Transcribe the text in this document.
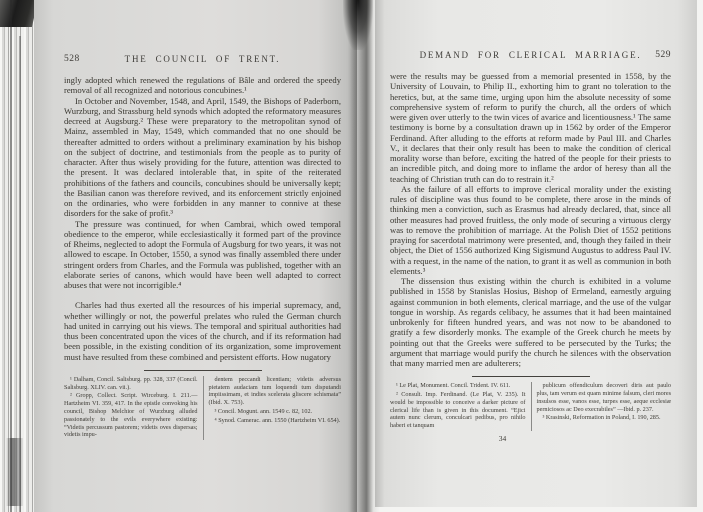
528	THE COUNCIL OF TRENT.

ingly adopted which renewed the regulations of Bâle and ordered the speedy removal of all recognized and notorious concubines.¹

In October and November, 1548, and April, 1549, the Bishops of Paderborn, Wurzburg, and Strassburg held synods which adopted the reformatory measures decreed at Augsburg.² These were preparatory to the metropolitan synod of Mainz, assembled in May, 1549, which commanded that no one should be thereafter admitted to orders without a preliminary examination by his bishop on the subject of doctrine, and testimonials from the people as to purity of character. After thus wisely providing for the future, attention was directed to the present. It was declared intolerable that, in spite of the reiterated prohibitions of the fathers and councils, concubines should be universally kept; the Basilian canon was therefore revived, and its enforcement strictly enjoined on the ordinaries, who were forbidden in any manner to connive at these disorders for the sake of profit.³

The pressure was continued, for when Cambrai, which owed temporal obedience to the emperor, while ecclesiastically it formed part of the province of Rheims, neglected to adopt the Formula of Augsburg for two years, it was not allowed to escape. In October, 1550, a synod was finally assembled there under stringent orders from Charles, and the Formula was published, together with an elaborate series of canons, which would have been well adapted to correct abuses that were not incorrigible.⁴

Charles had thus exerted all the resources of his imperial supremacy, and, whether willingly or not, the powerful prelates who ruled the German church had united in carrying out his views. The temporal and spiritual authorities had thus been concentrated upon the vices of the church, and if its reformation had been possible, in the existing condition of its organization, some improvement must have resulted from these combined and persistent efforts. How nugatory

¹ Dalham, Concil. Salisburg. pp. 328, 337 (Concil. Salisburg. XLIV. can. vii.).

² Gropp, Collect. Script. Wirceburg. I. 211.—Hartzheim VI. 359, 417. In the epistle convoking his council, Bishop Melchior of Wurzburg alluded passionately to the evils everywhere existing: “Videtis percussum pastorem; videtis oves dispersas; videtis impu-

dentem peccandi licentiam; videtis adversus pietatem audaciam tum loquendi tum disputandi impiissimam, et indies scelerata gliscere schismata” (Ibid. X. 753).

³ Concil. Mogunt. ann. 1549 c. 82, 102.

⁴ Synod. Camerac. ann. 1550 (Hartzheim VI. 654).

DEMAND FOR CLERICAL MARRIAGE. 529

were the results may be guessed from a memorial presented in 1558, by the University of Louvain, to Philip II., exhorting him to grant no toleration to the heretics, but, at the same time, urging upon him the absolute necessity of some comprehensive system of reform to purify the church, all the orders of which were given over utterly to the twin vices of avarice and licentiousness.¹ The same testimony is borne by a consultation drawn up in 1562 by order of the Emperor Ferdinand. After alluding to the efforts at reform made by Paul III. and Charles V., it declares that their only result has been to make the condition of clerical morality worse than before, exciting the hatred of the people for their priests to an incredible pitch, and doing more to inflame the ardor of heresy than all the teaching of Christian truth can do to restrain it.²

As the failure of all efforts to improve clerical morality under the existing rules of discipline was thus found to be complete, there arose in the minds of thinking men a conviction, such as Erasmus had already declared, that, since all other measures had proved fruitless, the only mode of securing a virtuous clergy was to remove the prohibition of marriage. At the Polish Diet of 1552 petitions praying for sacerdotal matrimony were presented, and, though they failed in their object, the Diet of 1556 authorized King Sigismund Augustus to address Paul IV. with a request, in the name of the nation, to grant it as well as communion in both elements.³

The dissension thus existing within the church is exhibited in a volume published in 1558 by Stanislas Hosius, Bishop of Ermeland, earnestly arguing against communion in both elements, clerical marriage, and the use of the vulgar tongue in worship. As regards celibacy, he assumes that it had been maintained unbrokenly for fifteen hundred years, and was not now to be abandoned to gratify a few disorderly monks. The example of the Greek church he meets by pointing out that the Greeks were suffered to be persecuted by the Turks; the argument that marriage would purify the church he silences with the observation that many married men are adulterers;

¹ Le Plat, Monument. Concil. Trident. IV. 611.

² Consult. Imp. Ferdinand. (Le Plat, V. 235). It would be impossible to conceive a darker picture of clerical life than is given in this document. “Ejici autem nunc clerum, conculcari pedibus, pro nihilo haberi et tanquam

publicum offendiculum decoveri diris aut paulo plus, tam verum est quam minime falsum, cleri mores insulsos esse, vanos esse, turpes esse, aeque ecclesiæ perniciosos ac Deo execrabiles” —Ibid. p. 237.

³ Krasinski, Reformation in Poland, I. 190, 285.

34
